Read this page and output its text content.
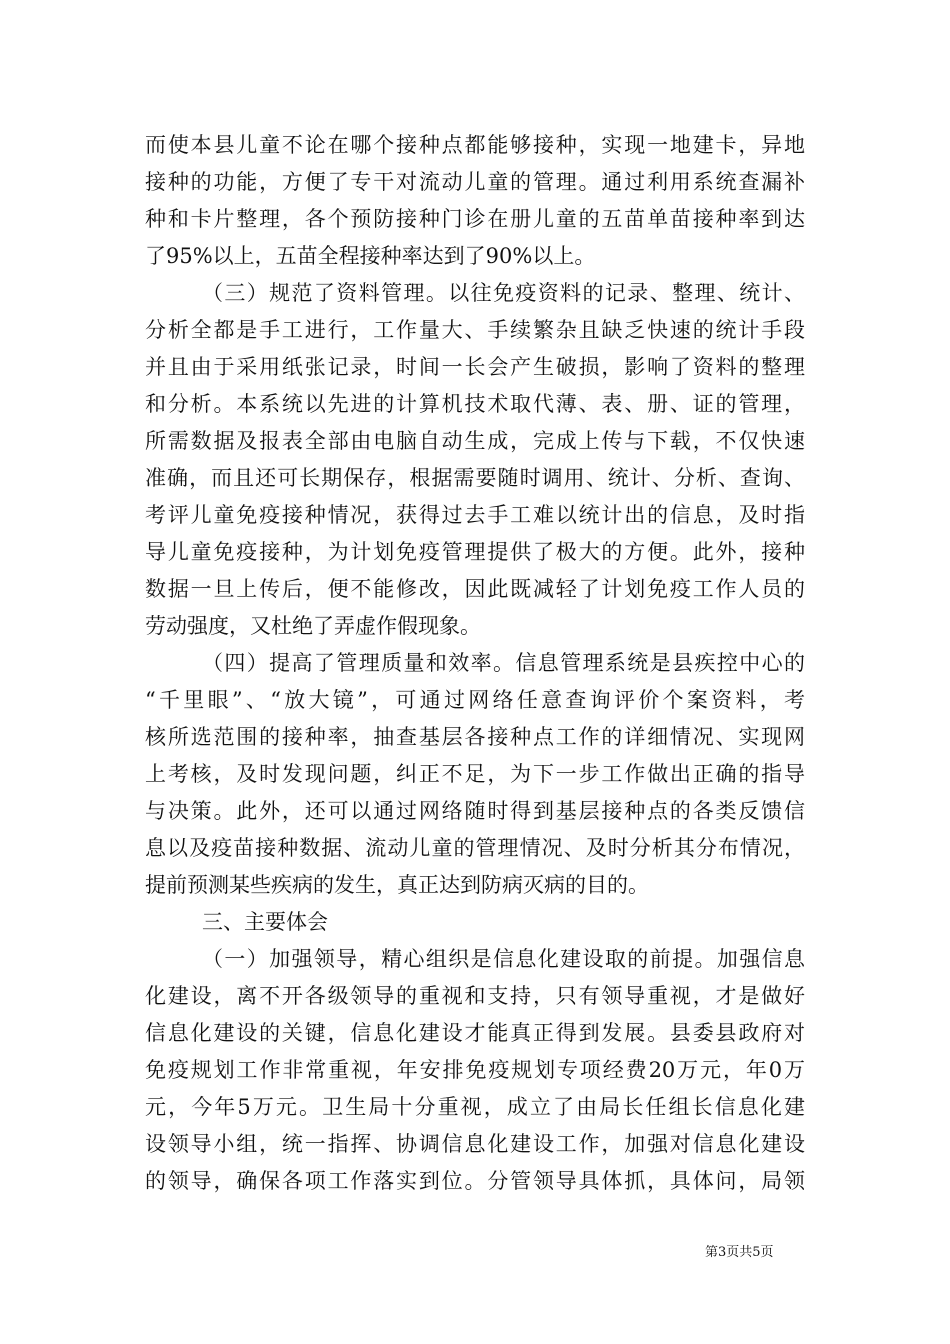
而使本县儿童不论在哪个接种点都能够接种，实现一地建卡，异地
接种的功能，方便了专干对流动儿童的管理。通过利用系统查漏补
种和卡片整理，各个预防接种门诊在册儿童的五苗单苗接种率到达
了95%以上，五苗全程接种率达到了90%以上。
（三）规范了资料管理。以往免疫资料的记录、整理、统计、
分析全都是手工进行，工作量大、手续繁杂且缺乏快速的统计手段
并且由于采用纸张记录，时间一长会产生破损，影响了资料的整理
和分析。本系统以先进的计算机技术取代薄、表、册、证的管理，
所需数据及报表全部由电脑自动生成，完成上传与下载，不仅快速
准确，而且还可长期保存，根据需要随时调用、统计、分析、查询、
考评儿童免疫接种情况，获得过去手工难以统计出的信息，及时指
导儿童免疫接种，为计划免疫管理提供了极大的方便。此外，接种
数据一旦上传后，便不能修改，因此既减轻了计划免疫工作人员的
劳动强度，又杜绝了弄虚作假现象。
（四）提高了管理质量和效率。信息管理系统是县疾控中心的
“千里眼”、“放大镜”，可通过网络任意查询评价个案资料，考
核所选范围的接种率，抽查基层各接种点工作的详细情况、实现网
上考核，及时发现问题，纠正不足，为下一步工作做出正确的指导
与决策。此外，还可以通过网络随时得到基层接种点的各类反馈信
息以及疫苗接种数据、流动儿童的管理情况、及时分析其分布情况，
提前预测某些疾病的发生，真正达到防病灭病的目的。
三、主要体会
（一）加强领导，精心组织是信息化建设取的前提。加强信息
化建设，离不开各级领导的重视和支持，只有领导重视，才是做好
信息化建设的关键，信息化建设才能真正得到发展。县委县政府对
免疫规划工作非常重视，年安排免疫规划专项经费20万元，年0万
元，今年5万元。卫生局十分重视，成立了由局长任组长信息化建
设领导小组，统一指挥、协调信息化建设工作，加强对信息化建设
的领导，确保各项工作落实到位。分管领导具体抓，具体问，局领
第3页共5页
